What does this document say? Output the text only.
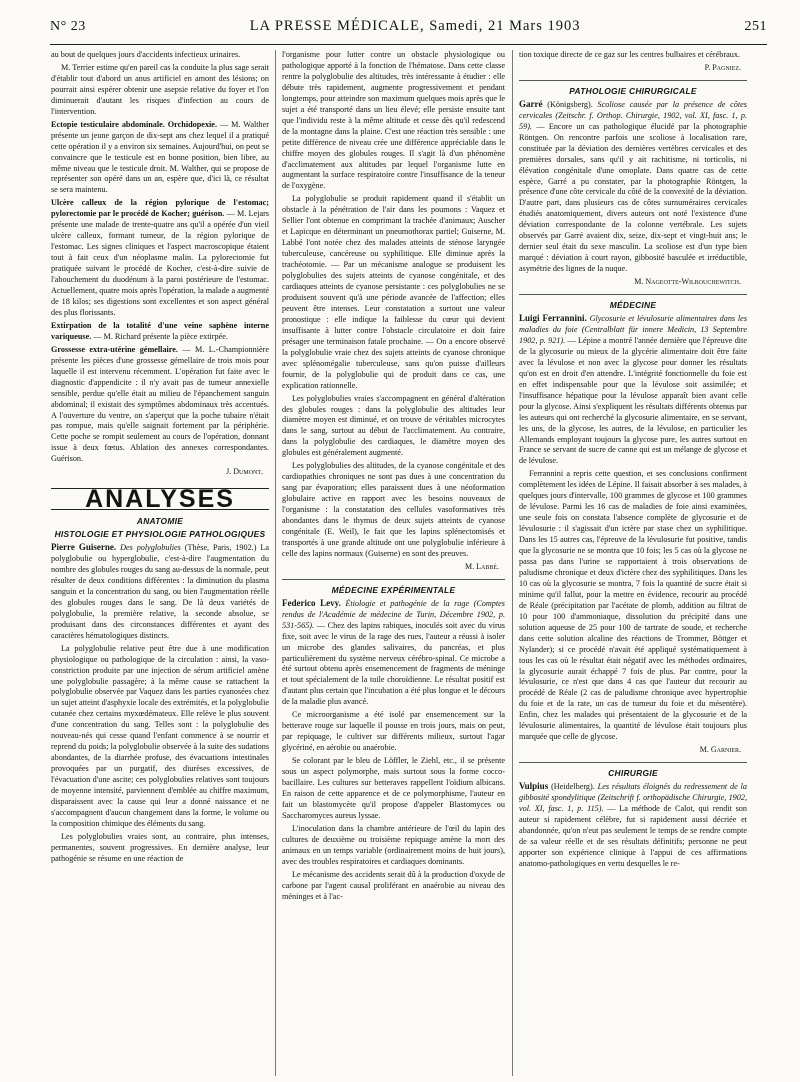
N° 23	LA PRESSE MÉDICALE, Samedi, 21 Mars 1903	251

au bout de quelques jours d'accidents infectieux urinaires.

M. Terrier estime qu'en pareil cas la conduite la plus sage serait d'établir tout d'abord un anus artificiel en amont des lésions; on pourrait ainsi espérer obtenir une asepsie relative du foyer et l'on diminuerait d'autant les risques d'infection au cours de l'intervention.

Ectopie testiculaire abdominale. Orchidopexie. — M. Walther présente un jeune garçon de dix-sept ans chez lequel il a pratiqué cette opération il y a environ six semaines. Aujourd'hui, on peut se convaincre que le testicule est en bonne position, bien libre, au même niveau que le testicule droit. M. Walther, qui se propose de représenter son opéré dans un an, espère que, d'ici là, ce résultat se sera maintenu.

Ulcère calleux de la région pylorique de l'estomac; pylorectomie par le procédé de Kocher; guérison. — M. Lejars présente une malade de trente-quatre ans qu'il a opérée d'un vieil ulcère calleux, formant tumeur, de la région pylorique de l'estomac. Les signes cliniques et l'aspect macroscopique étaient tout à fait ceux d'un néoplasme malin. La pylorectomie fut pratiquée suivant le procédé de Kocher, c'est-à-dire suivie de l'abouchement du duodénum à la paroi postérieure de l'estomac. Actuellement, quatre mois après l'opération, la malade a augmenté de 18 kilos; ses digestions sont excellentes et son aspect général des plus florissants.

Extirpation de la totalité d'une veine saphène interne variqueuse. — M. Richard présente la pièce extirpée.

Grossesse extra-utérine gémellaire. — M. L.-Championnière présente les pièces d'une grossesse gémellaire de trois mois pour laquelle il est intervenu récemment. L'opération fut faite avec le diagnostic d'appendicite : il n'y avait pas de tumeur annexielle sensible, perdue qu'elle était au milieu de l'épanchement sanguin abdominal; il existait des symptômes abdominaux très accentués. A l'ouverture du ventre, on s'aperçut que la poche tubaire n'était pas rompue, mais qu'elle saignait fortement par la périphérie. Cette poche se rompit seulement au cours de l'opération, donnant issue à deux fœtus. Ablation des annexes correspondantes. Guérison.

J. Dumont.
ANALYSES
ANATOMIE
HISTOLOGIE ET PHYSIOLOGIE PATHOLOGIQUES

Pierre Guiserne. Des polyglobulies (Thèse, Paris, 1902.) La polyglobulie ou hyperglobulie, c'est-à-dire l'augmentation du nombre des globules rouges du sang au-dessus de la normale, peut résulter de deux conditions différentes : la diminution du plasma sanguin et la concentration du sang, ou bien l'augmentation réelle des globules rouges dans le sang. De là deux variétés de polyglobulie, la première relative, la seconde absolue, se produisant dans des circonstances différentes et ayant des caractères hématologiques distincts.

La polyglobulie relative peut être due à une modification physiologique ou pathologique de la circulation : ainsi, la vaso-constriction produite par une injection de sérum artificiel amène une polyglobulie passagère; à la même cause se rattachent la polyglobulie observée par Vaquez dans les parties cyanosées chez un sujet atteint d'asphyxie locale des extrémités, et la polyglobulie cutanée chez certains myxœdémateux. Elle relève le plus souvent d'une concentration du sang. Telles sont : la polyglobulie des nouveau-nés qui cesse quand l'enfant commence à se nourrir et reprend du poids; la polyglobulie observée à la suite des sudations abondantes, de la diarrhée profuse, des évacuations intestinales provoquées par un purgatif, des diurèses excessives, de l'évacuation d'une ascite; ces polyglobulies relatives sont toujours de moyenne intensité, parviennent d'emblée au chiffre maximum, disparaissent avec la cause qui leur a donné naissance et ne s'accompagnent d'aucun changement dans la forme, le volume ou la composition chimique des éléments du sang.

Les polyglobulies vraies sont, au contraire, plus intenses, permanentes, souvent progressives. En dernière analyse, leur pathogénie se résume en une réaction de

l'organisme pour lutter contre un obstacle physiologique ou pathologique apporté à la fonction de l'hématose. Dans cette classe rentre la polyglobulie des altitudes, très intéressante à étudier : elle débute très rapidement, augmente progressivement et pendant longtemps, pour atteindre son maximum quelques mois après que le sujet a été transporté dans un lieu élevé; elle persiste ensuite tant que l'individu reste à la même altitude et cesse dès qu'il redescend de la montagne dans la plaine. C'est une réaction très sensible : une petite différence de niveau crée une différence appréciable dans le chiffre moyen des globules rouges. Il s'agit là d'un phénomène d'acclimatement aux altitudes par lequel l'organisme lutte en augmentant la surface respiratoire contre l'insuffisance de la teneur de l'oxygène.

La polyglobulie se produit rapidement quand il s'établit un obstacle à la pénétration de l'air dans les poumons : Vaquez et Sellier l'ont obtenue en comprimant la trachée d'animaux; Auscher et Lapicque en déterminant un pneumothorax partiel; Guiserne, M. Labbé l'ont notée chez des malades atteints de sténose laryngée tuberculeuse, cancéreuse ou syphilitique. Elle diminue après la trachéotomie. — Par un mécanisme analogue se produisent les polyglobulies des sujets atteints de cyanose congénitale, et des cardiaques atteints de cyanose persistante : ces polyglobulies ne se produisent souvent qu'à une période avancée de l'affection; elles peuvent être intenses. Leur constatation a surtout une valeur pronostique : elle indique la faiblesse du cœur qui devient insuffisante à lutter contre l'obstacle circulatoire et doit faire présager une terminaison fatale prochaine. — On a encore observé la polyglobulie vraie chez des sujets atteints de cyanose chronique avec splénomégalie tuberculeuse, sans qu'on puisse d'ailleurs fournir, de la polyglobulie qui de produit dans ce cas, une explication rationnelle.

Les polyglobulies vraies s'accompagnent en général d'altération des globules rouges : dans la polyglobulie des altitudes leur diamètre moyen est diminué, et on trouve de véritables microcytes dans le sang, surtout au début de l'acclimatement. Au contraire, dans la polyglobulie des cardiaques, le diamètre moyen des globules est généralement augmenté.

Les polyglobulies des altitudes, de la cyanose congénitale et des cardiopathies chroniques ne sont pas dues à une concentration du sang par évaporation; elles paraissent dues à une néoformation globulaire active en rapport avec les besoins nouveaux de l'organisme : la constatation des cellules vasoformatives très abondantes dans le thymus de deux sujets atteints de cyanose congénitale (E. Weil), le fait que les lapins splénectomisés et transportés à une grande altitude ont une polyglobulie inférieure à celle des lapins normaux (Guiserne) en sont des preuves.

M. Labbé.
MÉDECINE EXPÉRIMENTALE

Federico Levy. Étiologie et pathogénie de la rage (Comptes rendus de l'Académie de médecine de Turin, Décembre 1902, p. 531-565). — Chez des lapins rabiques, inoculés soit avec du virus fixe, soit avec le virus de la rage des rues, l'auteur a réussi à isoler un microbe des glandes salivaires, du pancréas, et plus particulièrement du système nerveux cérébro-spinal. Ce microbe a été surtout obtenu après ensemencement de fragments de méninge et tout spécialement de la toile choroïdienne. Le résultat positif est d'autant plus certain que l'incubation a été plus longue et le décours de la maladie plus avancé.

Ce microorganisme a été isolé par ensemencement sur la betterave rouge sur laquelle il pousse en trois jours, mais on peut, par repiquage, le cultiver sur différents milieux, surtout l'agar glycériné, en aérobie ou anaérobie.

Se colorant par le bleu de Löffler, le Ziehl, etc., il se présente sous un aspect polymorphe, mais surtout sous la forme cocco-bacillaire. Les cultures sur betteraves rappellent l'oïdium albicans. En raison de cette apparence et de ce polymorphisme, l'auteur en fait un blastomycète qu'il propose d'appeler Blastomyces ou Saccharomyces aureus lyssae.

L'inoculation dans la chambre antérieure de l'œil du lapin des cultures de deuxième ou troisième repiquage amène la mort des animaux en un temps variable (ordinairement moins de huit jours), avec des troubles respiratoires et cardiaques dominants.

Le mécanisme des accidents serait dû à la production d'oxyde de carbone par l'agent causal proliférant en anaérobie au niveau des méninges et à l'ac-

tion toxique directe de ce gaz sur les centres bulbaires et cérébraux.

P. Pagniez.
PATHOLOGIE CHIRURGICALE

Garré (Königsberg). Scoliose causée par la présence de côtes cervicales (Zeitschr. f. Orthop. Chirurgie, 1902, vol. XI, fasc. 1, p. 59). — Encore un cas pathologique élucidé par la photographie Röntgen. On rencontre parfois une scoliose à localisation rare, constituée par la déviation des dernières vertèbres cervicales et des premières dorsales, sans qu'il y ait rachitisme, ni torticolis, ni élévation congénitale d'une omoplate. Dans quatre cas de cette espèce, Garré a pu constater, par la photographie Röntgen, la présence d'une côte cervicale du côté de la convexité de la déviation. D'autre part, dans plusieurs cas de côtes surnuméraires cervicales étudiés anatomiquement, divers auteurs ont noté l'existence d'une déviation correspondante de la colonne vertébrale. Les sujets observés par Garré avaient dix, seize, dix-sept et vingt-huit ans; le dernier seul était du sexe masculin. La scoliose est d'un type bien marqué : déviation à court rayon, gibbosité basculée et irréductible, asymétrie des lignes de la nuque.

M. Nageotte-Wilbouchewitch.
MÉDECINE

Luigi Ferrannini. Glycosurie et lévulosurie alimentaires dans les maladies du foie (Centralblatt für innere Medicin, 13 Septembre 1902, p. 921). — Lépine a montré l'année dernière que l'épreuve dite de la glycosurie ou mieux de la glycérie alimentaire doit être faite avec la lévulose et non avec la glycose pour donner les résultats qu'on est en droit d'en attendre. L'intégrité fonctionnelle du foie est en effet indispensable pour que la lévulose soit assimilée; et l'insuffisance hépatique pour la lévulose apparaît bien avant celle pour la glycose. Ainsi s'expliquent les résultats différents obtenus par les auteurs qui ont recherché la glycosurie alimentaire, en se servant, les uns, de la glycose, les autres, de la lévulose, en particulier les Allemands employant toujours la glycose pure, les autres surtout en France se servant de sucre de canne qui est un mélange de glycose et de lévulose.

Ferrannini a repris cette question, et ses conclusions confirment complètement les idées de Lépine. Il faisait absorber à ses malades, à quelques jours d'intervalle, 100 grammes de glycose et 100 grammes de lévulose. Parmi les 16 cas de maladies de foie ainsi examinées, une seule fois on constata l'absence complète de glycosurie et de lévulosurie : il s'agissait d'un ictère par stase chez un syphilitique. Dans les 15 autres cas, l'épreuve de la lévulosurie fut positive, tandis que la glycosurie ne se montra que 10 fois; les 5 cas où la glycose ne passa pas dans l'urine se rapportaient à trois observations de paludisme chronique et deux d'ictère chez des syphilitiques. Dans les 10 cas où la glycosurie se montra, 7 fois la quantité de sucre était si minime qu'il fallut, pour la mettre en évidence, recourir au procédé de Réale (précipitation par l'acétate de plomb, addition au filtrat de 10 pour 100 d'ammoniaque, dissolution du précipité dans une solution aqueuse de 25 pour 100 de tartrate de soude, et recherche dans cette solution alcaline des réactions de Trommer, Böttger et Nylander); si ce procédé n'avait été appliqué systématiquement à tous les cas où le résultat était négatif avec les méthodes ordinaires, la glycosurie aurait échappé 7 fois de plus. Par contre, pour la lévulosurie, ce n'est que dans 4 cas que l'auteur dut recourir au procédé de Réale (2 cas de paludisme chronique avec hypertrophie du foie et de la rate, un cas de tumeur du foie et du mésentère). Enfin, chez les malades qui présentaient de la glycosurie et de la lévulosurie alimentaires, la quantité de lévulose était toujours plus marquée que celle de glycose.

M. Garnier.
CHIRURGIE

Vulpius (Heidelberg). Les résultats éloignés du redressement de la gibbosité spondylitique (Zeitschrift f. orthopädische Chirurgie, 1902, vol. XI, fasc. 1, p. 115). — La méthode de Calot, qui rendit son auteur si rapidement célèbre, fut si rapidement aussi décriée et abandonnée, qu'on n'eut pas seulement le temps de se rendre compte de sa valeur réelle et de ses résultats définitifs; personne ne peut apporter son expérience clinique à l'appui de ces affirmations anatomo-pathologiques en vertu desquelles le re-
